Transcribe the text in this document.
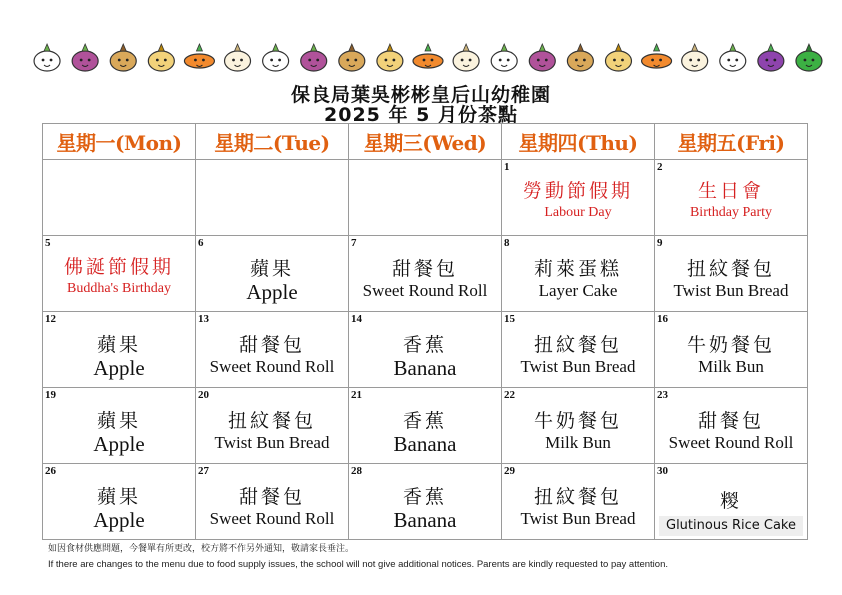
保良局葉吳彬彬皇后山幼稚園
2025 年 5 月份茶點
星期一(Mon)	星期二(Tue)	星期三(Wed)	星期四(Thu)	星期五(Fri)

			1
勞動節假期
Labour Day	2
生日會
Birthday Party

5
佛誕節假期
Buddha's Birthday	6
蘋果
Apple	7
甜餐包
Sweet Round Roll	8
莉萊蛋糕
Layer Cake	9
扭紋餐包
Twist Bun Bread

12
蘋果
Apple	13
甜餐包
Sweet Round Roll	14
香蕉
Banana	15
扭紋餐包
Twist Bun Bread	16
牛奶餐包
Milk Bun

19
蘋果
Apple	20
扭紋餐包
Twist Bun Bread	21
香蕉
Banana	22
牛奶餐包
Milk Bun	23
甜餐包
Sweet Round Roll

26
蘋果
Apple	27
甜餐包
Sweet Round Roll	28
香蕉
Banana	29
扭紋餐包
Twist Bun Bread	30
糉
Glutinous Rice Cake
如因食材供應問題，今餐單有所更改，校方將不作另外通知，敬請家長垂注。
If there are changes to the menu due to food supply issues, the school will not give additional notices. Parents are kindly requested to pay attention.
